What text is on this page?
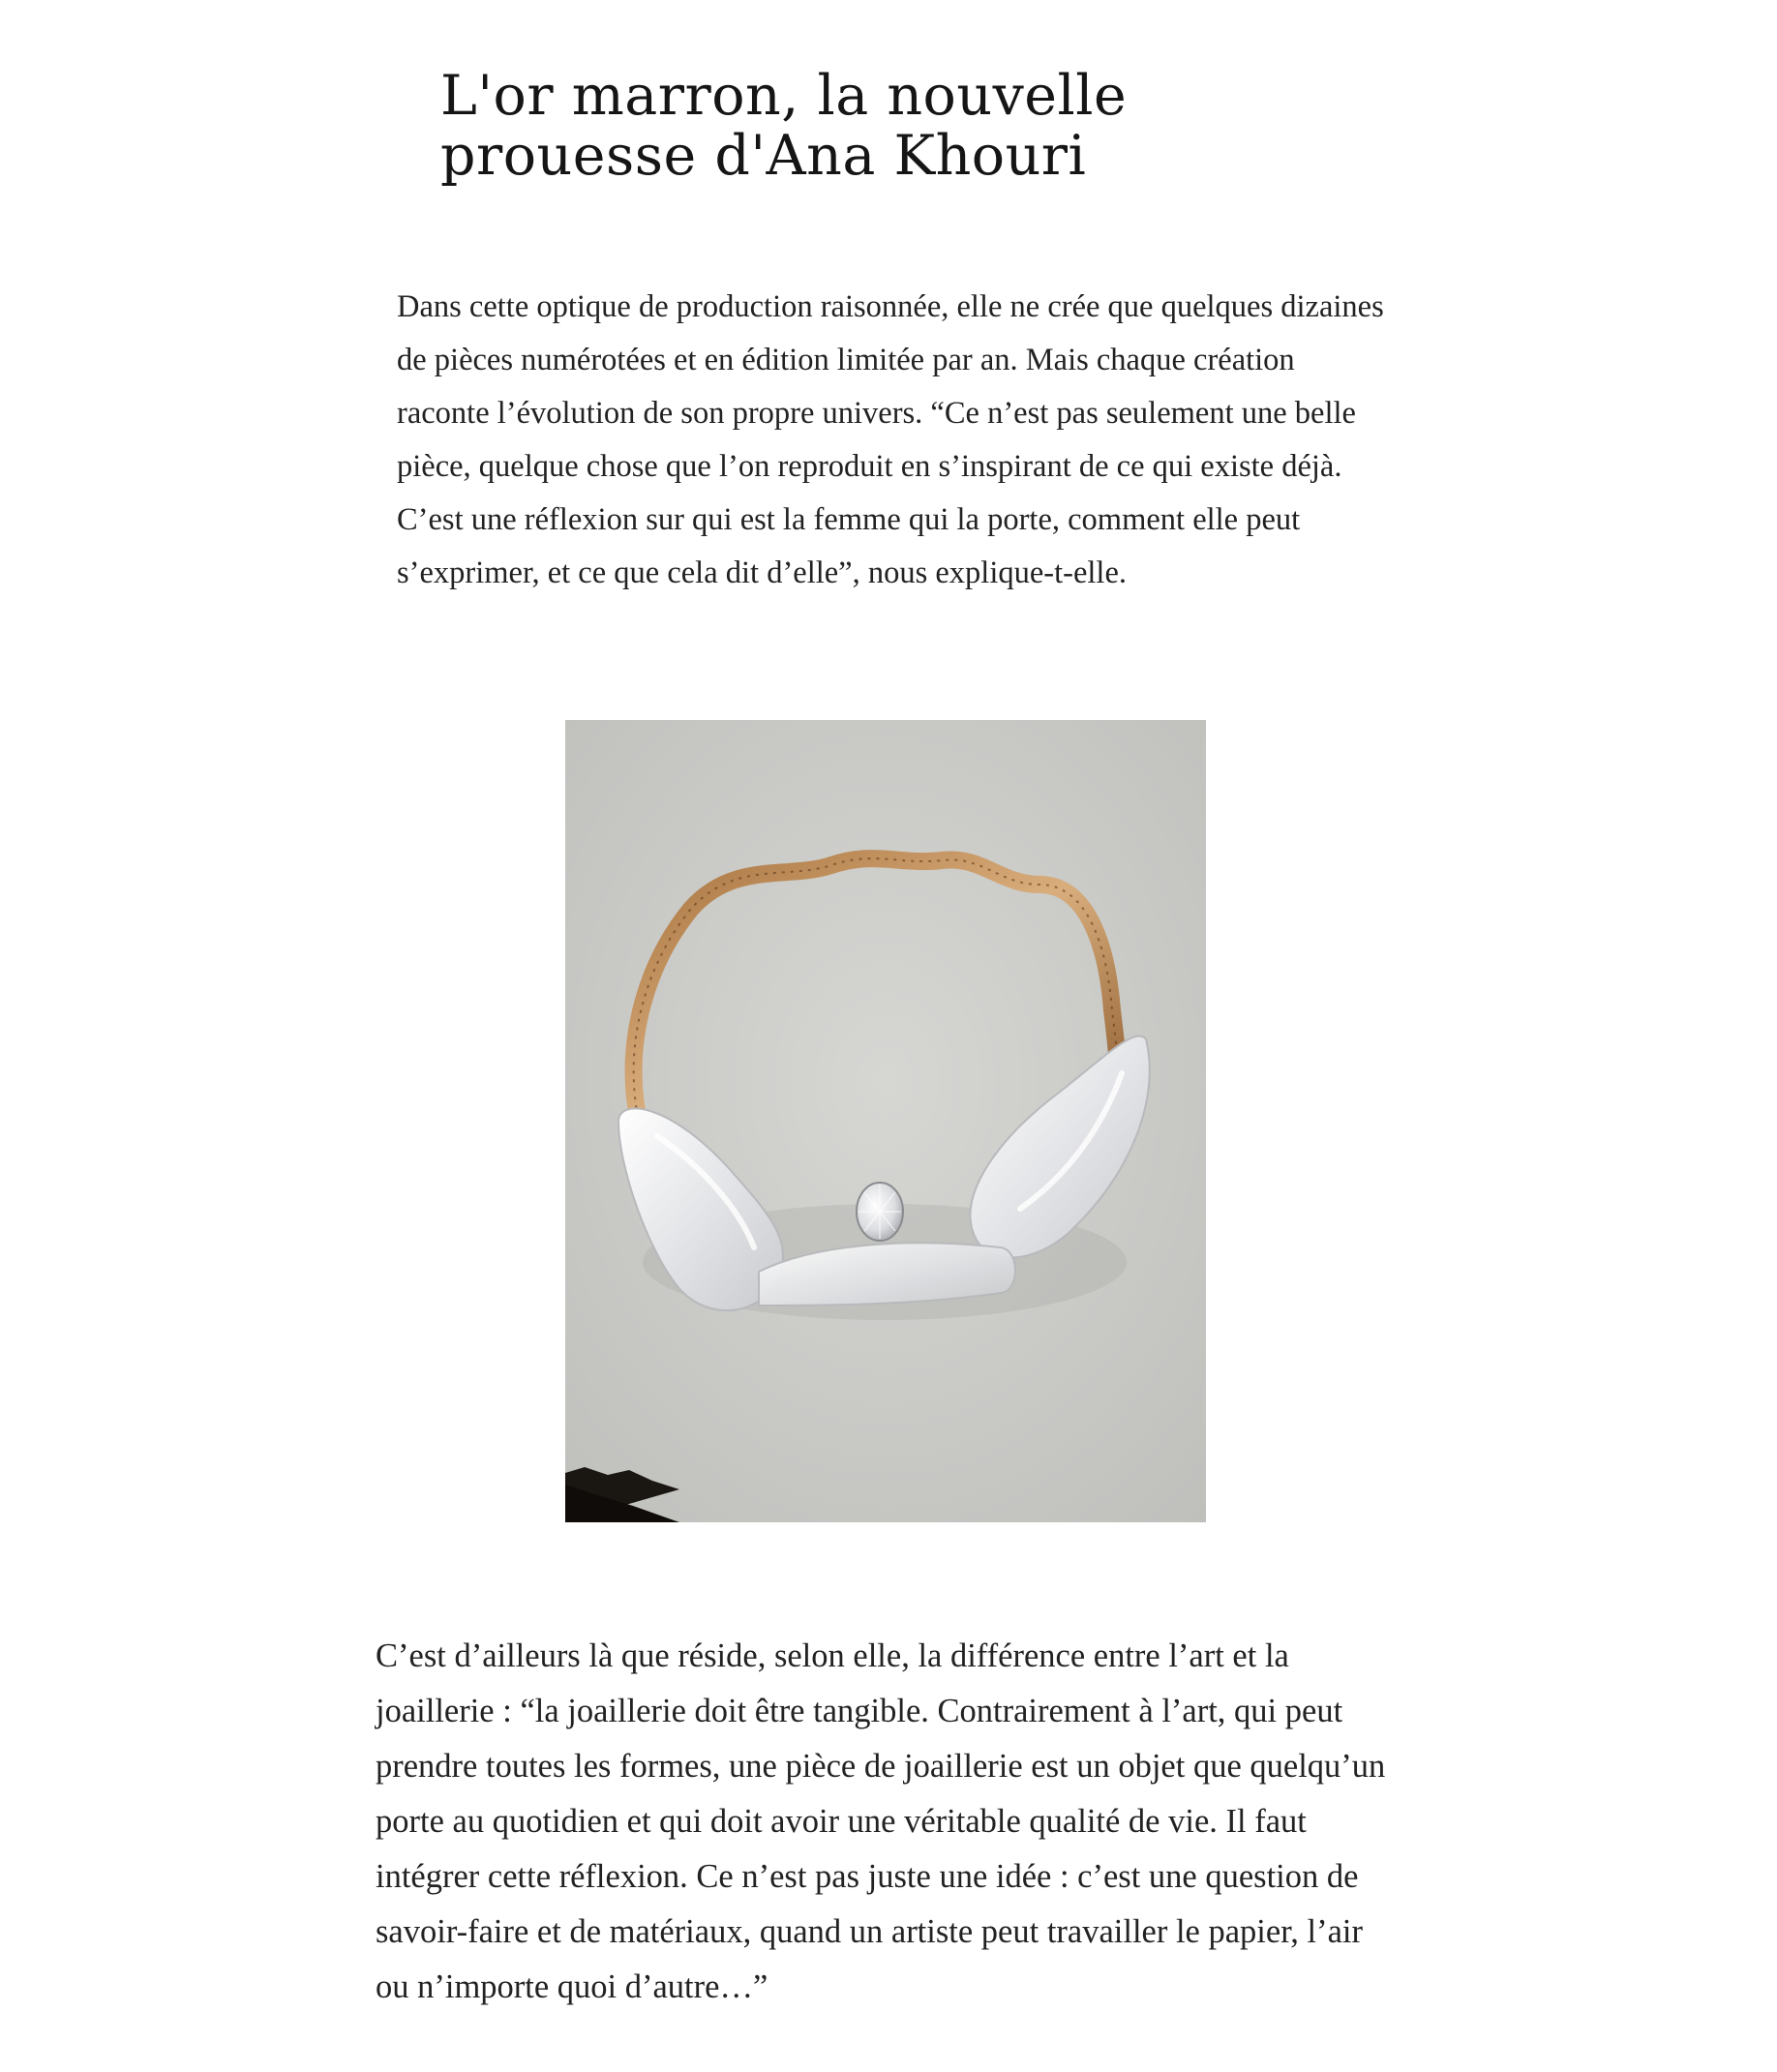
L'or marron, la nouvelle prouesse d'Ana Khouri

Dans cette optique de production raisonnée, elle ne crée que quelques dizaines de pièces numérotées et en édition limitée par an. Mais chaque création raconte l’évolution de son propre univers. “Ce n’est pas seulement une belle pièce, quelque chose que l’on reproduit en s’inspirant de ce qui existe déjà. C’est une réflexion sur qui est la femme qui la porte, comment elle peut s’exprimer, et ce que cela dit d’elle”, nous explique-t-elle.

C’est d’ailleurs là que réside, selon elle, la différence entre l’art et la joaillerie : “la joaillerie doit être tangible. Contrairement à l’art, qui peut prendre toutes les formes, une pièce de joaillerie est un objet que quelqu’un porte au quotidien et qui doit avoir une véritable qualité de vie. Il faut intégrer cette réflexion. Ce n’est pas juste une idée : c’est une question de savoir-faire et de matériaux, quand un artiste peut travailler le papier, l’air ou n’importe quoi d’autre…”
